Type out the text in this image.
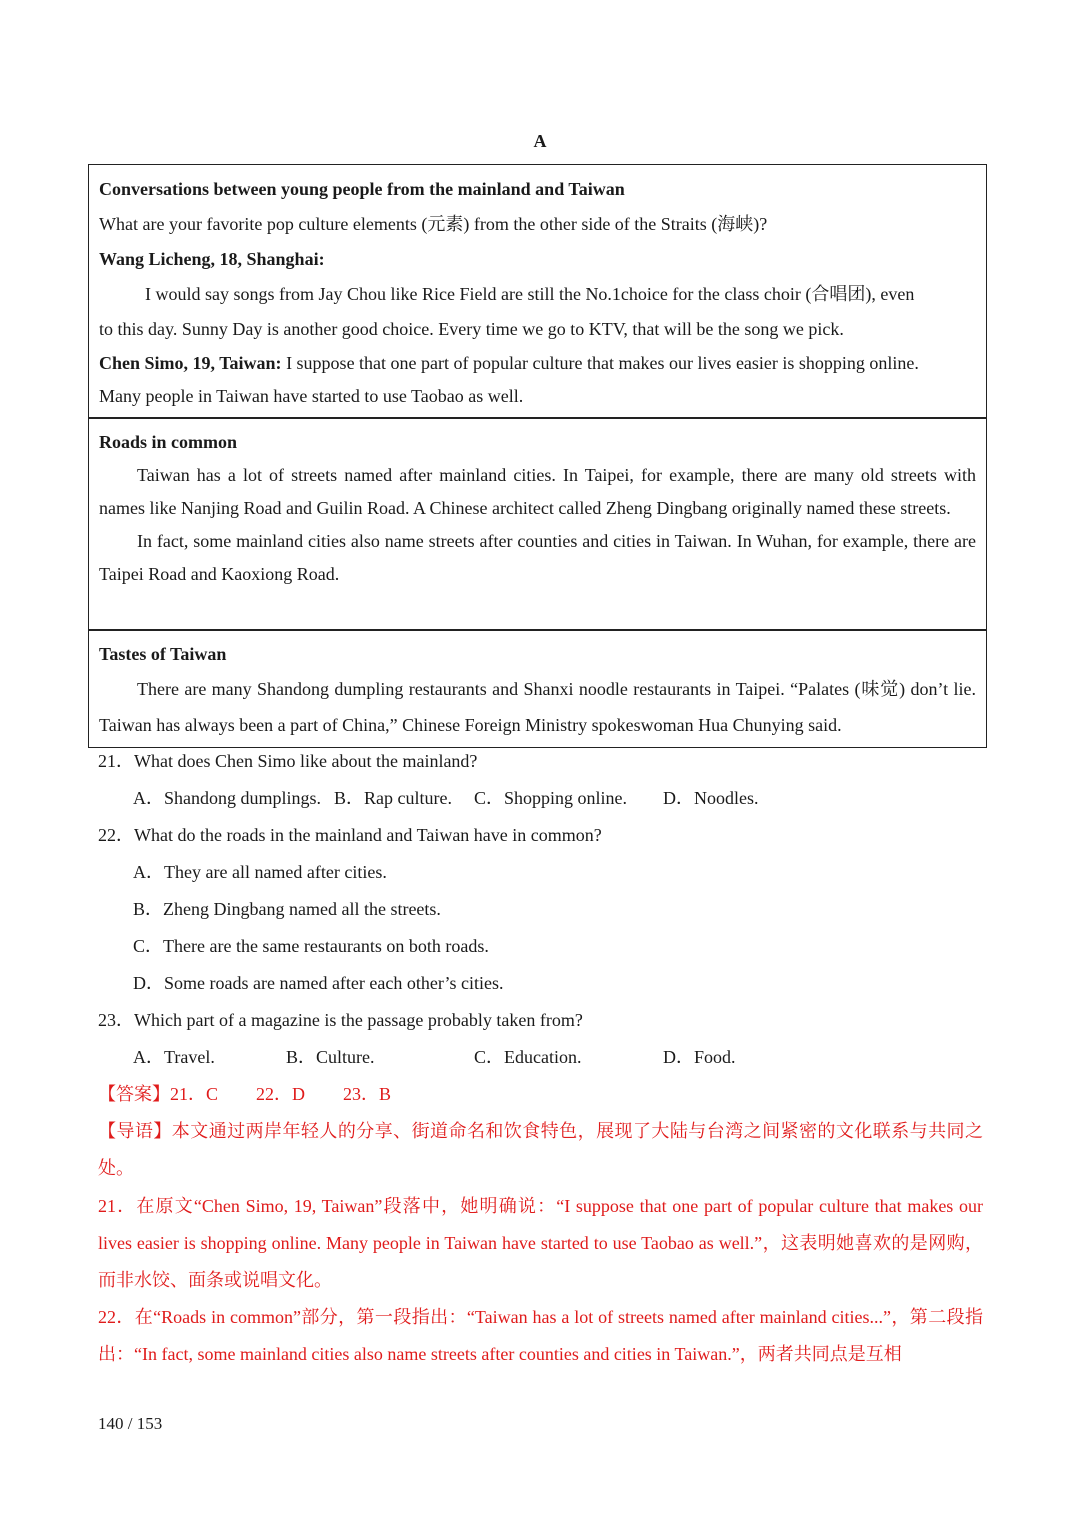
A
Conversations between young people from the mainland and Taiwan
What are your favorite pop culture elements (元素) from the other side of the Straits (海峡)?
Wang Licheng, 18, Shanghai:
I would say songs from Jay Chou like Rice Field are still the No.1choice for the class choir (合唱团), even
to this day. Sunny Day is another good choice. Every time we go to KTV, that will be the song we pick.
Chen Simo, 19, Taiwan: I suppose that one part of popular culture that makes our lives easier is shopping online.
Many people in Taiwan have started to use Taobao as well.
Roads in common
Taiwan has a lot of streets named after mainland cities. In Taipei, for example, there are many old streets with names like Nanjing Road and Guilin Road. A Chinese architect called Zheng Dingbang originally named these streets.
In fact, some mainland cities also name streets after counties and cities in Taiwan. In Wuhan, for example, there are Taipei Road and Kaoxiong Road.
Tastes of Taiwan
There are many Shandong dumpling restaurants and Shanxi noodle restaurants in Taipei. “Palates (味觉) don’t lie. Taiwan has always been a part of China,” Chinese Foreign Ministry spokeswoman Hua Chunying said.
21．What does Chen Simo like about the mainland?
A．Shandong dumplings. B．Rap culture. C．Shopping online. D．Noodles.
22．What do the roads in the mainland and Taiwan have in common?
A．They are all named after cities.
B．Zheng Dingbang named all the streets.
C．There are the same restaurants on both roads.
D．Some roads are named after each other’s cities.
23．Which part of a magazine is the passage probably taken from?
A．Travel.	B．Culture.	C．Education.	D．Food.
【答案】21．C 22．D 23．B
【导语】本文通过两岸年轻人的分享、街道命名和饮食特色，展现了大陆与台湾之间紧密的文化联系与共同之处。
21．在原文“Chen Simo, 19, Taiwan”段落中，她明确说：“I suppose that one part of popular culture that makes our lives easier is shopping online. Many people in Taiwan have started to use Taobao as well.”，这表明她喜欢的是网购，而非水饺、面条或说唱文化。
22．在“Roads in common”部分，第一段指出：“Taiwan has a lot of streets named after mainland cities...”，第二段指出：“In fact, some mainland cities also name streets after counties and cities in Taiwan.”，两者共同点是互相
140 / 153
